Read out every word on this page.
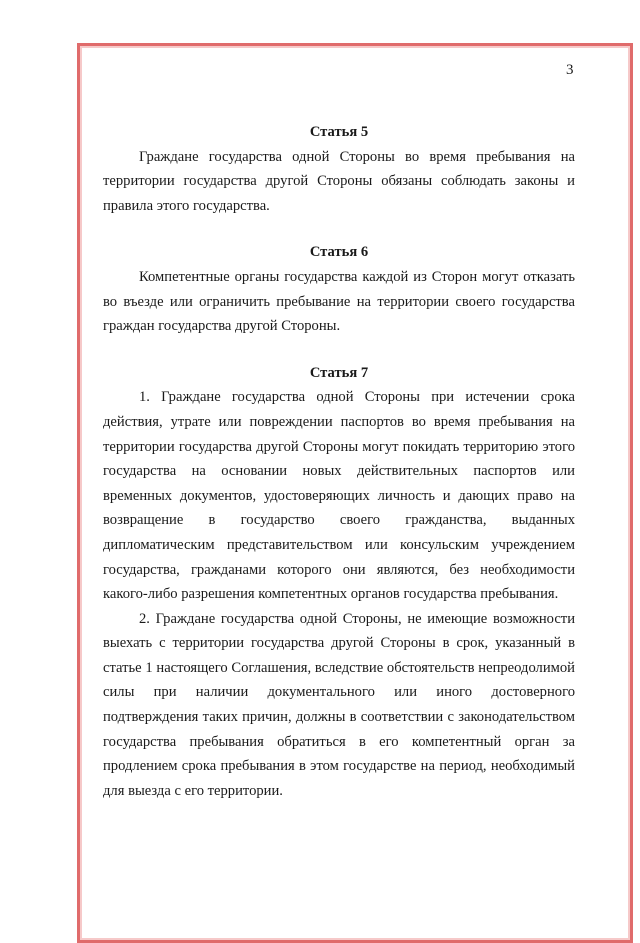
3

Статья 5

Граждане государства одной Стороны во время пребывания на территории государства другой Стороны обязаны соблюдать законы и правила этого государства.

Статья 6

Компетентные органы государства каждой из Сторон могут отказать во въезде или ограничить пребывание на территории своего государства граждан государства другой Стороны.

Статья 7

1. Граждане государства одной Стороны при истечении срока действия, утрате или повреждении паспортов во время пребывания на территории государства другой Стороны могут покидать территорию этого государства на основании новых действительных паспортов или временных документов, удостоверяющих личность и дающих право на возвращение в государство своего гражданства, выданных дипломатическим представительством или консульским учреждением государства, гражданами которого они являются, без необходимости какого-либо разрешения компетентных органов государства пребывания.

2. Граждане государства одной Стороны, не имеющие возможности выехать с территории государства другой Стороны в срок, указанный в статье 1 настоящего Соглашения, вследствие обстоятельств непреодолимой силы при наличии документального или иного достоверного подтверждения таких причин, должны в соответствии с законодательством государства пребывания обратиться в его компетентный орган за продлением срока пребывания в этом государстве на период, необходимый для выезда с его территории.
